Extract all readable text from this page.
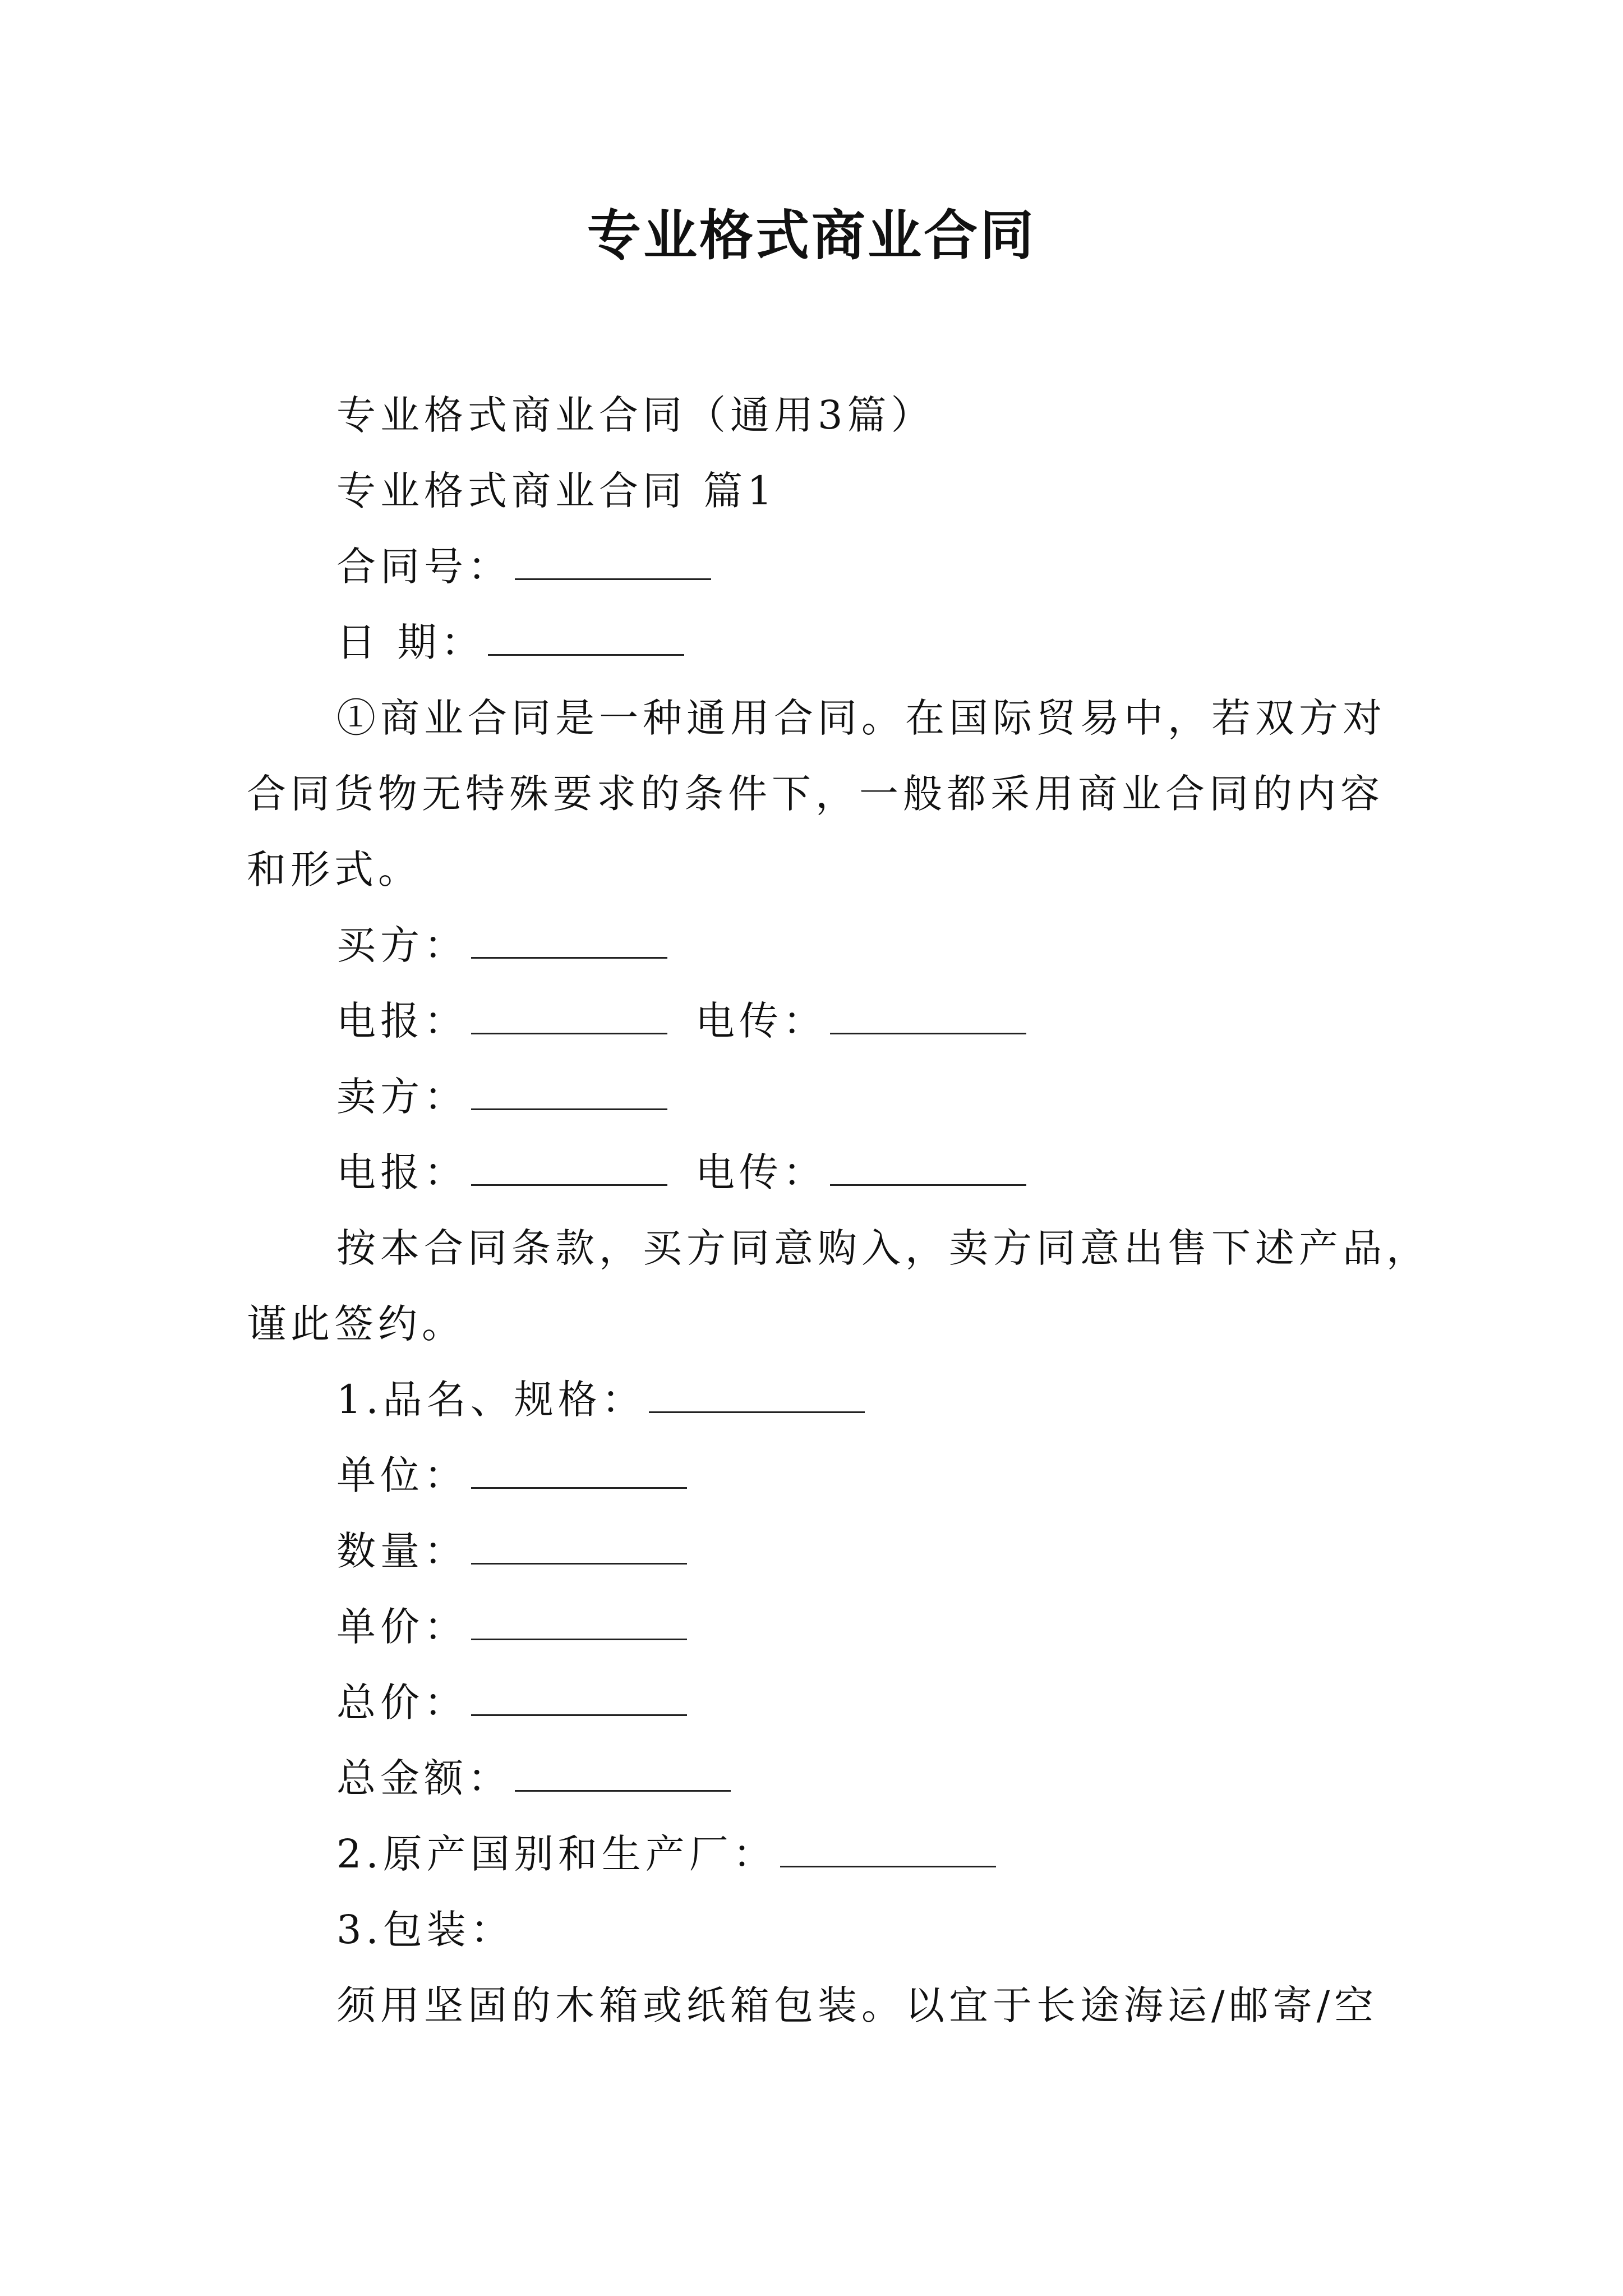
专业格式商业合同
专业格式商业合同（通用3篇）
专业格式商业合同 篇1
合同号：
日 期：
①商业合同是一种通用合同。在国际贸易中，若双方对
合同货物无特殊要求的条件下，一般都采用商业合同的内容
和形式。
买方：
电报：	电传：
卖方：
电报：	电传：
按本合同条款，买方同意购入，卖方同意出售下述产品，
谨此签约。
1.品名、规格：
单位：
数量：
单价：
总价：
总金额：
2.原产国别和生产厂：
3.包装：
须用坚固的木箱或纸箱包装。以宜于长途海运/邮寄/空
